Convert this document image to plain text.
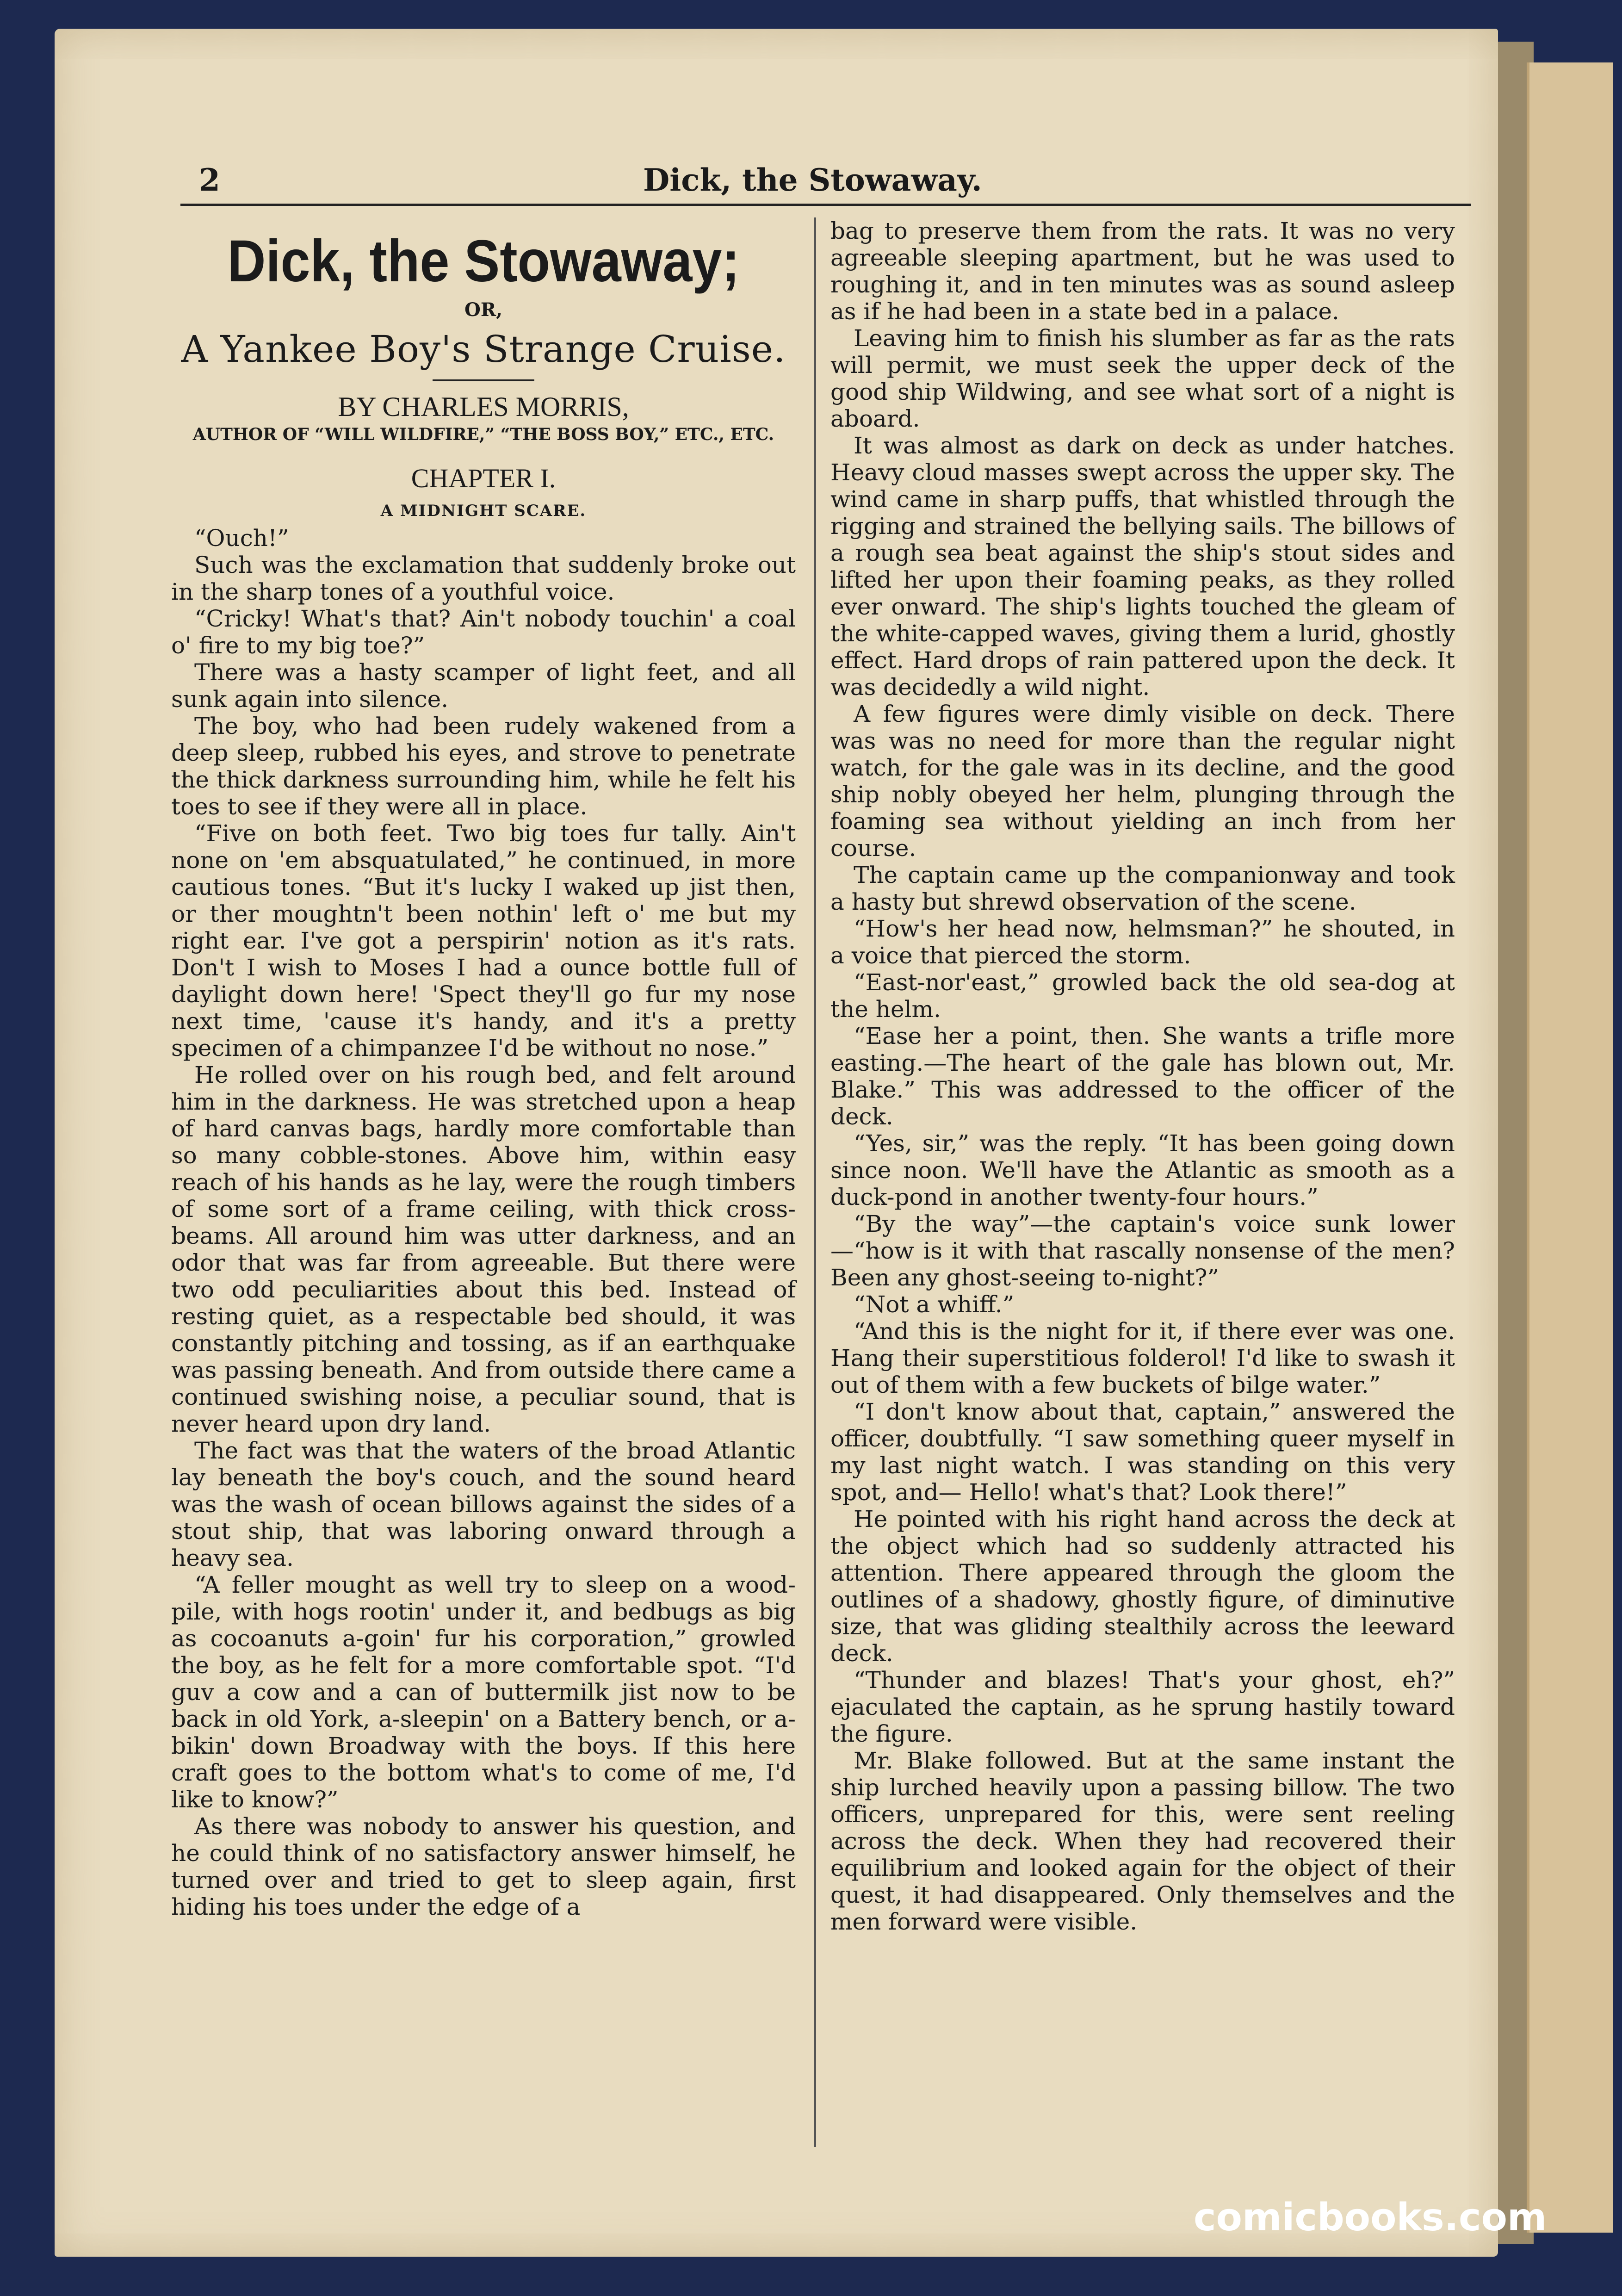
2	Dick, the Stowaway.
Dick, the Stowaway;
OR,
A Yankee Boy's Strange Cruise.
BY CHARLES MORRIS,
AUTHOR OF “WILL WILDFIRE,” “THE BOSS BOY,” ETC., ETC.
CHAPTER I.
A MIDNIGHT SCARE.

“Ouch!”

Such was the exclamation that suddenly broke out in the sharp tones of a youthful voice.

“Cricky! What's that? Ain't nobody touchin' a coal o' fire to my big toe?”

There was a hasty scamper of light feet, and all sunk again into silence.

The boy, who had been rudely wakened from a deep sleep, rubbed his eyes, and strove to penetrate the thick darkness surrounding him, while he felt his toes to see if they were all in place.

“Five on both feet. Two big toes fur tally. Ain't none on 'em absquatulated,” he continued, in more cautious tones. “But it's lucky I waked up jist then, or ther moughtn't been nothin' left o' me but my right ear. I've got a perspirin' notion as it's rats. Don't I wish to Moses I had a ounce bottle full of daylight down here! 'Spect they'll go fur my nose next time, 'cause it's handy, and it's a pretty specimen of a chimpanzee I'd be without no nose.”

He rolled over on his rough bed, and felt around him in the darkness. He was stretched upon a heap of hard canvas bags, hardly more comfortable than so many cobble-stones. Above him, within easy reach of his hands as he lay, were the rough timbers of some sort of a frame ceiling, with thick cross-beams. All around him was utter darkness, and an odor that was far from agreeable. But there were two odd peculiarities about this bed. Instead of resting quiet, as a respectable bed should, it was constantly pitching and tossing, as if an earthquake was passing beneath. And from outside there came a continued swishing noise, a peculiar sound, that is never heard upon dry land.

The fact was that the waters of the broad Atlantic lay beneath the boy's couch, and the sound heard was the wash of ocean billows against the sides of a stout ship, that was laboring onward through a heavy sea.

“A feller mought as well try to sleep on a wood-pile, with hogs rootin' under it, and bedbugs as big as cocoanuts a-goin' fur his corporation,” growled the boy, as he felt for a more comfortable spot. “I'd guv a cow and a can of buttermilk jist now to be back in old York, a-sleepin' on a Battery bench, or a-bikin' down Broadway with the boys. If this here craft goes to the bottom what's to come of me, I'd like to know?”

As there was nobody to answer his question, and he could think of no satisfactory answer himself, he turned over and tried to get to sleep again, first hiding his toes under the edge of a

bag to preserve them from the rats. It was no very agreeable sleeping apartment, but he was used to roughing it, and in ten minutes was as sound asleep as if he had been in a state bed in a palace.

Leaving him to finish his slumber as far as the rats will permit, we must seek the upper deck of the good ship Wildwing, and see what sort of a night is aboard.

It was almost as dark on deck as under hatches. Heavy cloud masses swept across the upper sky. The wind came in sharp puffs, that whistled through the rigging and strained the bellying sails. The billows of a rough sea beat against the ship's stout sides and lifted her upon their foaming peaks, as they rolled ever onward. The ship's lights touched the gleam of the white-capped waves, giving them a lurid, ghostly effect. Hard drops of rain pattered upon the deck. It was decidedly a wild night.

A few figures were dimly visible on deck. There was was no need for more than the regular night watch, for the gale was in its decline, and the good ship nobly obeyed her helm, plunging through the foaming sea without yielding an inch from her course.

The captain came up the companionway and took a hasty but shrewd observation of the scene.

“How's her head now, helmsman?” he shouted, in a voice that pierced the storm.

“East-nor'east,” growled back the old sea-dog at the helm.

“Ease her a point, then. She wants a trifle more easting.—The heart of the gale has blown out, Mr. Blake.” This was addressed to the officer of the deck.

“Yes, sir,” was the reply. “It has been going down since noon. We'll have the Atlantic as smooth as a duck-pond in another twenty-four hours.”

“By the way”—the captain's voice sunk lower—“how is it with that rascally nonsense of the men? Been any ghost-seeing to-night?”

“Not a whiff.”

“And this is the night for it, if there ever was one. Hang their superstitious folderol! I'd like to swash it out of them with a few buckets of bilge water.”

“I don't know about that, captain,” answered the officer, doubtfully. “I saw something queer myself in my last night watch. I was standing on this very spot, and— Hello! what's that? Look there!”

He pointed with his right hand across the deck at the object which had so suddenly attracted his attention. There appeared through the gloom the outlines of a shadowy, ghostly figure, of diminutive size, that was gliding stealthily across the leeward deck.

“Thunder and blazes! That's your ghost, eh?” ejaculated the captain, as he sprung hastily toward the figure.

Mr. Blake followed. But at the same instant the ship lurched heavily upon a passing billow. The two officers, unprepared for this, were sent reeling across the deck. When they had recovered their equilibrium and looked again for the object of their quest, it had disappeared. Only themselves and the men forward were visible.

comicbooks.com
